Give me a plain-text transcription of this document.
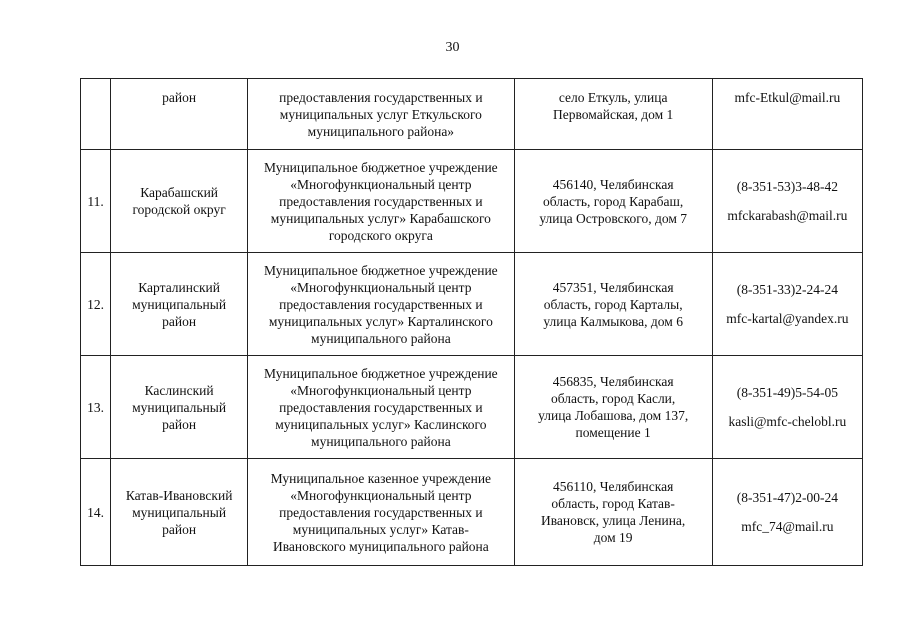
30

	район	предоставления государственных и
муниципальных услуг Еткульского
муниципального района»	село Еткуль, улица
Первомайская, дом 1	mfc-Etkul@mail.ru

11.	Карабашский
городской округ	Муниципальное бюджетное учреждение
«Многофункциональный центр
предоставления государственных и
муниципальных услуг» Карабашского
городского округа	456140, Челябинская
область, город Карабаш,
улица Островского, дом 7	(8-351-53)3-48-42
mfckarabash@mail.ru

12.	Карталинский
муниципальный
район	Муниципальное бюджетное учреждение
«Многофункциональный центр
предоставления государственных и
муниципальных услуг» Карталинского
муниципального района	457351, Челябинская
область, город Карталы,
улица Калмыкова, дом 6	(8-351-33)2-24-24
mfc-kartal@yandex.ru

13.	Каслинский
муниципальный
район	Муниципальное бюджетное учреждение
«Многофункциональный центр
предоставления государственных и
муниципальных услуг» Каслинского
муниципального района	456835, Челябинская
область, город Касли,
улица Лобашова, дом 137,
помещение 1	(8-351-49)5-54-05
kasli@mfc-chelobl.ru

14.	Катав-Ивановский
муниципальный
район	Муниципальное казенное учреждение
«Многофункциональный центр
предоставления государственных и
муниципальных услуг» Катав-
Ивановского муниципального района	456110, Челябинская
область, город Катав-
Ивановск, улица Ленина,
дом 19	(8-351-47)2-00-24
mfc_74@mail.ru
